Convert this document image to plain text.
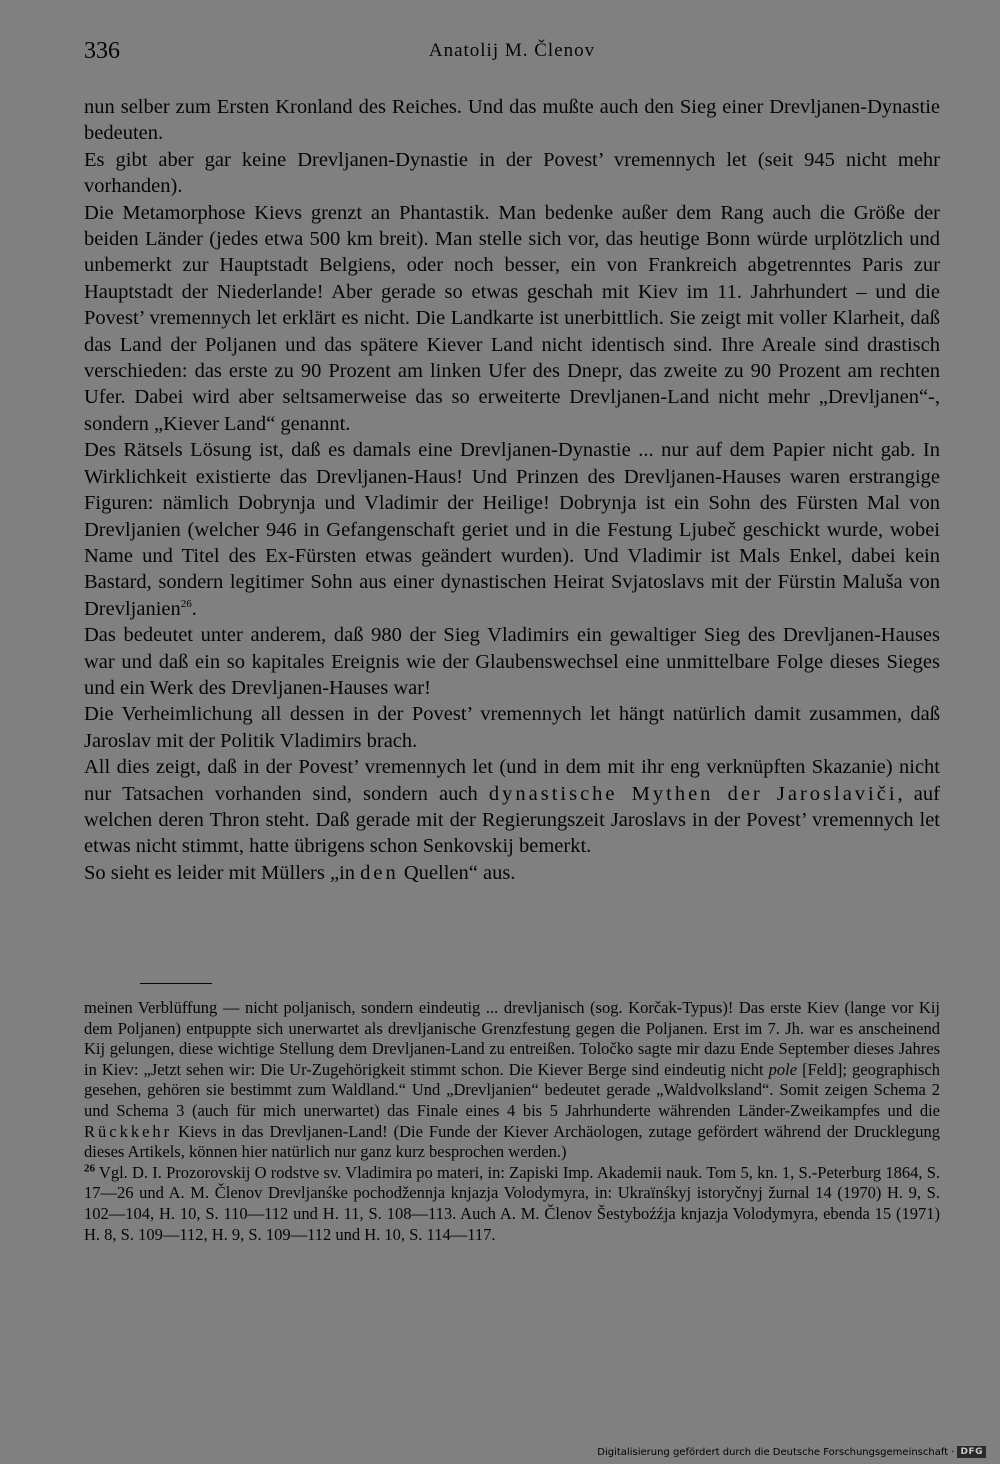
336	Anatolij M. Členov

nun selber zum Ersten Kronland des Reiches. Und das mußte auch den Sieg einer Drevljanen-Dynastie bedeuten.

Es gibt aber gar keine Drevljanen-Dynastie in der Povest’ vremennych let (seit 945 nicht mehr vorhanden).

Die Metamorphose Kievs grenzt an Phantastik. Man bedenke außer dem Rang auch die Größe der beiden Länder (jedes etwa 500 km breit). Man stelle sich vor, das heutige Bonn würde urplötzlich und unbemerkt zur Hauptstadt Belgiens, oder noch besser, ein von Frankreich abgetrenntes Paris zur Hauptstadt der Niederlande! Aber gerade so etwas geschah mit Kiev im 11. Jahrhundert – und die Povest’ vremennych let erklärt es nicht. Die Landkarte ist unerbittlich. Sie zeigt mit voller Klarheit, daß das Land der Poljanen und das spätere Kiever Land nicht identisch sind. Ihre Areale sind drastisch verschieden: das erste zu 90 Prozent am linken Ufer des Dnepr, das zweite zu 90 Prozent am rechten Ufer. Dabei wird aber seltsamerweise das so erweiterte Drevljanen-Land nicht mehr „Drevljanen“-, sondern „Kiever Land“ genannt.

Des Rätsels Lösung ist, daß es damals eine Drevljanen-Dynastie ... nur auf dem Papier nicht gab. In Wirklichkeit existierte das Drevljanen-Haus! Und Prinzen des Drevljanen-Hauses waren erstrangige Figuren: nämlich Dobrynja und Vladimir der Heilige! Dobrynja ist ein Sohn des Fürsten Mal von Drevljanien (welcher 946 in Gefangenschaft geriet und in die Festung Ljubeč geschickt wurde, wobei Name und Titel des Ex-Fürsten etwas geändert wurden). Und Vladimir ist Mals Enkel, dabei kein Bastard, sondern legitimer Sohn aus einer dynastischen Heirat Svjatoslavs mit der Fürstin Maluša von Drevljanien$^{26}$.

Das bedeutet unter anderem, daß 980 der Sieg Vladimirs ein gewaltiger Sieg des Drevljanen-Hauses war und daß ein so kapitales Ereignis wie der Glaubenswechsel eine unmittelbare Folge dieses Sieges und ein Werk des Drevljanen-Hauses war!

Die Verheimlichung all dessen in der Povest’ vremennych let hängt natürlich damit zusammen, daß Jaroslav mit der Politik Vladimirs brach.

All dies zeigt, daß in der Povest’ vremennych let (und in dem mit ihr eng verknüpften Skazanie) nicht nur Tatsachen vorhanden sind, sondern auch dynastische Mythen der Jaroslaviči, auf welchen deren Thron steht. Daß gerade mit der Regierungszeit Jaroslavs in der Povest’ vremennych let etwas nicht stimmt, hatte übrigens schon Senkovskij bemerkt.

So sieht es leider mit Müllers „in den Quellen“ aus.

meinen Verblüffung — nicht poljanisch, sondern eindeutig ... drevljanisch (sog. Korčak-Typus)! Das erste Kiev (lange vor Kij dem Poljanen) entpuppte sich unerwartet als drevljanische Grenzfestung gegen die Poljanen. Erst im 7. Jh. war es anscheinend Kij gelungen, diese wichtige Stellung dem Drevljanen-Land zu entreißen. Toločko sagte mir dazu Ende September dieses Jahres in Kiev: „Jetzt sehen wir: Die Ur-Zugehörigkeit stimmt schon. Die Kiever Berge sind eindeutig nicht pole [Feld]; geographisch gesehen, gehören sie bestimmt zum Waldland.“ Und „Drevljanien“ bedeutet gerade „Waldvolksland“. Somit zeigen Schema 2 und Schema 3 (auch für mich unerwartet) das Finale eines 4 bis 5 Jahrhunderte währenden Länder-Zweikampfes und die Rückkehr Kievs in das Drevljanen-Land! (Die Funde der Kiever Archäologen, zutage gefördert während der Drucklegung dieses Artikels, können hier natürlich nur ganz kurz besprochen werden.)

$^{26}$ Vgl. D. I. Prozorovskij O rodstve sv. Vladimira po materi, in: Zapiski Imp. Akademii nauk. Tom 5, kn. 1, S.-Peterburg 1864, S. 17—26 und A. M. Členov Drevljanśke pochodžennja knjazja Volodymyra, in: Ukraïnśkyj istoryčnyj žurnal 14 (1970) H. 9, S. 102—104, H. 10, S. 110—112 und H. 11, S. 108—113. Auch A. M. Členov Šestyboźźja knjazja Volodymyra, ebenda 15 (1971) H. 8, S. 109—112, H. 9, S. 109—112 und H. 10, S. 114—117.

Digitalisierung gefördert durch die Deutsche Forschungsgemeinschaft · DFG
